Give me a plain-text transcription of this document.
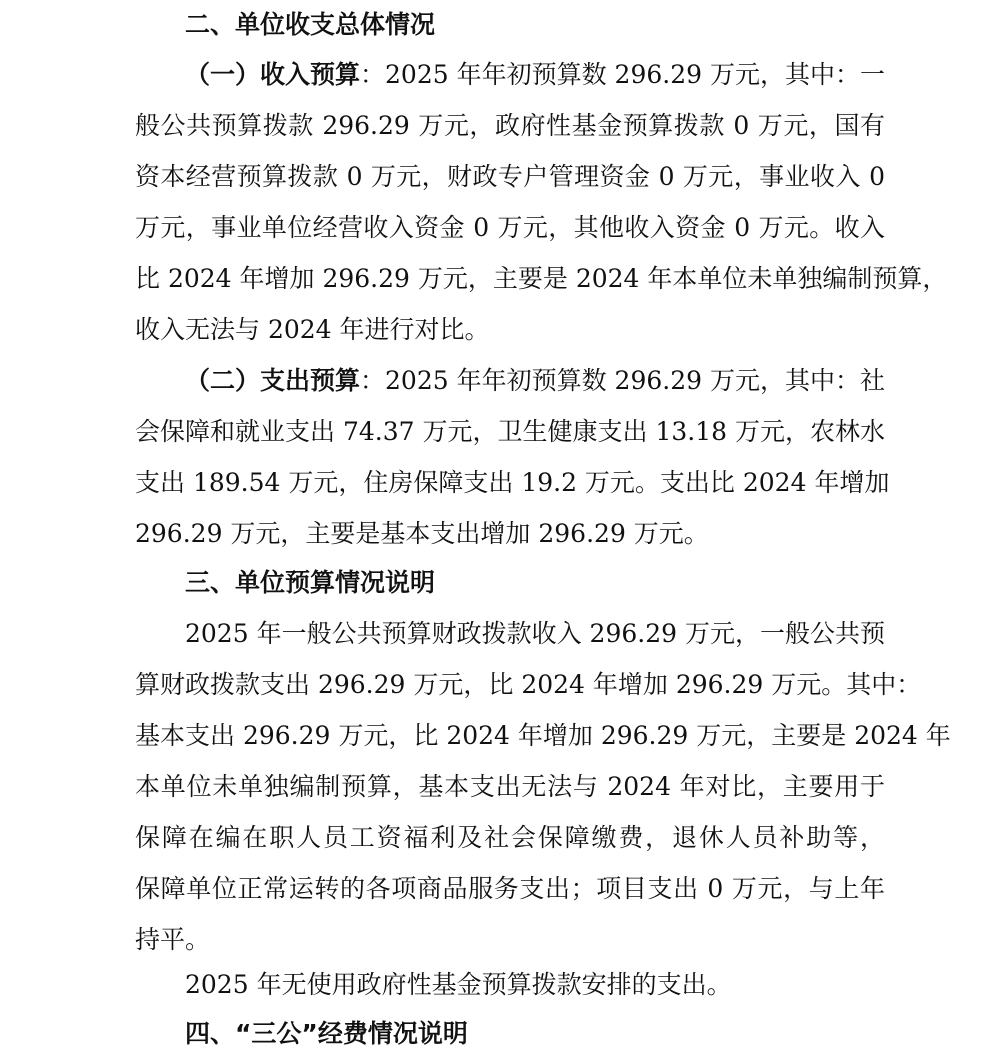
二、单位收支总体情况
（一）收入预算：2025 年年初预算数 296.29 万元，其中：一
般公共预算拨款 296.29 万元，政府性基金预算拨款 0 万元，国有
资本经营预算拨款 0 万元，财政专户管理资金 0 万元，事业收入 0
万元，事业单位经营收入资金 0 万元，其他收入资金 0 万元。收入
比 2024 年增加 296.29 万元，主要是 2024 年本单位未单独编制预算，
收入无法与 2024 年进行对比。
（二）支出预算：2025 年年初预算数 296.29 万元，其中：社
会保障和就业支出 74.37 万元，卫生健康支出 13.18 万元，农林水
支出 189.54 万元，住房保障支出 19.2 万元。支出比 2024 年增加
296.29 万元，主要是基本支出增加 296.29 万元。
三、单位预算情况说明
2025 年一般公共预算财政拨款收入 296.29 万元，一般公共预
算财政拨款支出 296.29 万元，比 2024 年增加 296.29 万元。其中：
基本支出 296.29 万元，比 2024 年增加 296.29 万元，主要是 2024 年
本单位未单独编制预算，基本支出无法与 2024 年对比，主要用于
保障在编在职人员工资福利及社会保障缴费，退休人员补助等，
保障单位正常运转的各项商品服务支出；项目支出 0 万元，与上年
持平。
2025 年无使用政府性基金预算拨款安排的支出。
四、“三公”经费情况说明
